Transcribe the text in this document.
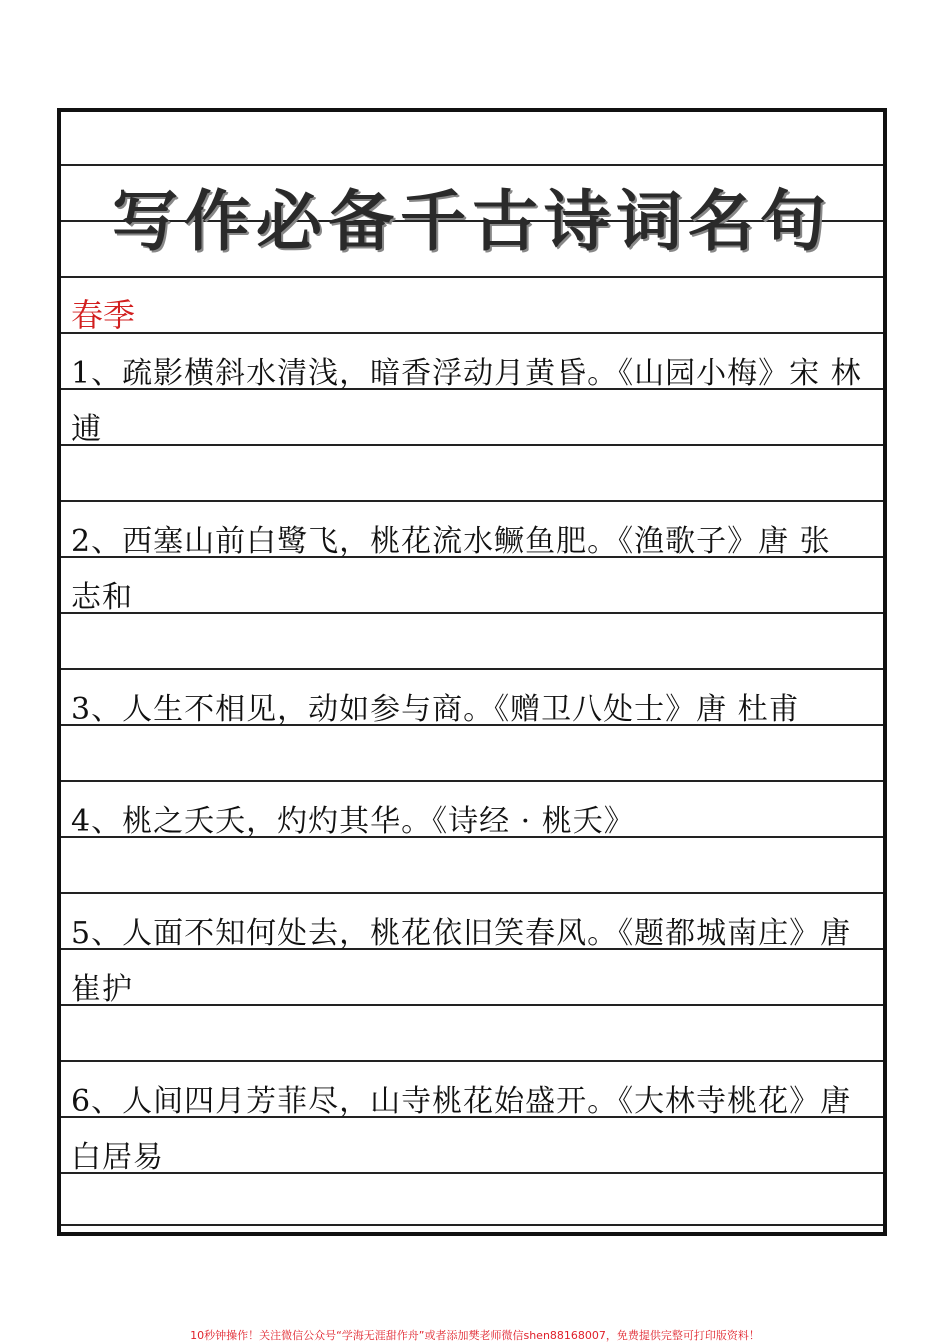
写作必备千古诗词名句
春季
1、疏影横斜水清浅，暗香浮动月黄昏。《山园小梅》宋 林
逋
2、西塞山前白鹭飞，桃花流水鳜鱼肥。《渔歌子》唐 张
志和
3、人生不相见，动如参与商。《赠卫八处士》唐 杜甫
4、桃之夭夭，灼灼其华。《诗经 · 桃夭》
5、人面不知何处去，桃花依旧笑春风。《题都城南庄》唐
崔护
6、人间四月芳菲尽，山寺桃花始盛开。《大林寺桃花》唐
白居易
10秒钟操作！关注微信公众号“学海无涯甜作舟”或者添加樊老师微信shen88168007，免费提供完整可打印版资料！
